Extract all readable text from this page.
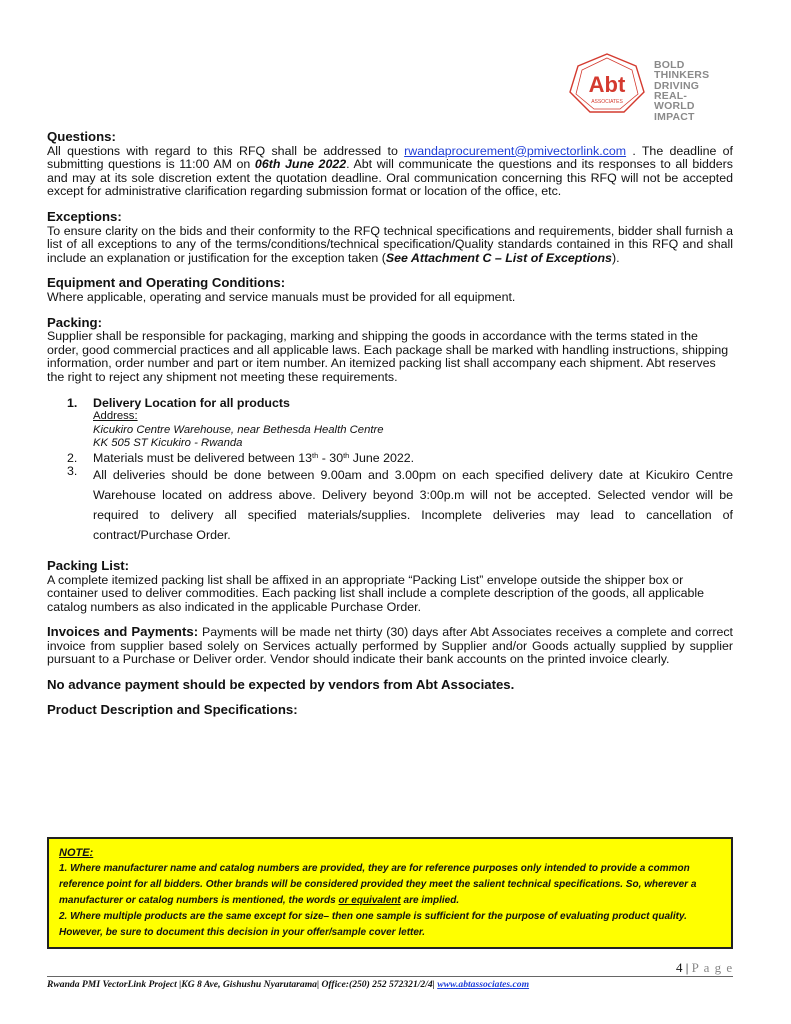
Abt
ASSOCIATES
BOLD
THINKERS
DRIVING
REAL-WORLD
IMPACT
Questions:

All questions with regard to this RFQ shall be addressed to rwandaprocurement@pmivectorlink.com . The deadline of submitting questions is 11:00 AM on 06th June 2022. Abt will communicate the questions and its responses to all bidders and may at its sole discretion extent the quotation deadline. Oral communication concerning this RFQ will not be accepted except for administrative clarification regarding submission format or location of the office, etc.

Exceptions:

To ensure clarity on the bids and their conformity to the RFQ technical specifications and requirements, bidder shall furnish a list of all exceptions to any of the terms/conditions/technical specification/Quality standards contained in this RFQ and shall include an explanation or justification for the exception taken (See Attachment C – List of Exceptions).

Equipment and Operating Conditions:

Where applicable, operating and service manuals must be provided for all equipment.

Packing:

Supplier shall be responsible for packaging, marking and shipping the goods in accordance with the terms stated in the order, good commercial practices and all applicable laws. Each package shall be marked with handling instructions, shipping information, order number and part or item number. An itemized packing list shall accompany each shipment. Abt reserves the right to reject any shipment not meeting these requirements.

1. Delivery Location for all products
Address:
Kicukiro Centre Warehouse, near Bethesda Health Centre
KK 505 ST Kicukiro - Rwanda
2. Materials must be delivered between 13th - 30th June 2022.
3. All deliveries should be done between 9.00am and 3.00pm on each specified delivery date at Kicukiro Centre Warehouse located on address above. Delivery beyond 3:00p.m will not be accepted. Selected vendor will be required to delivery all specified materials/supplies. Incomplete deliveries may lead to cancellation of contract/Purchase Order.

Packing List:

A complete itemized packing list shall be affixed in an appropriate “Packing List” envelope outside the shipper box or container used to deliver commodities. Each packing list shall include a complete description of the goods, all applicable catalog numbers as also indicated in the applicable Purchase Order.

Invoices and Payments: Payments will be made net thirty (30) days after Abt Associates receives a complete and correct invoice from supplier based solely on Services actually performed by Supplier and/or Goods actually supplied by supplier pursuant to a Purchase or Deliver order. Vendor should indicate their bank accounts on the printed invoice clearly.

No advance payment should be expected by vendors from Abt Associates.
Product Description and Specifications:
NOTE:

1. Where manufacturer name and catalog numbers are provided, they are for reference purposes only intended to provide a common reference point for all bidders. Other brands will be considered provided they meet the salient technical specifications. So, wherever a manufacturer or catalog numbers is mentioned, the words or equivalent are implied.

2. Where multiple products are the same except for size– then one sample is sufficient for the purpose of evaluating product quality. However, be sure to document this decision in your offer/sample cover letter.

4 | P a g e
Rwanda PMI VectorLink Project |KG 8 Ave, Gishushu Nyarutarama| Office:(250) 252 572321/2/4| www.abtassociates.com
